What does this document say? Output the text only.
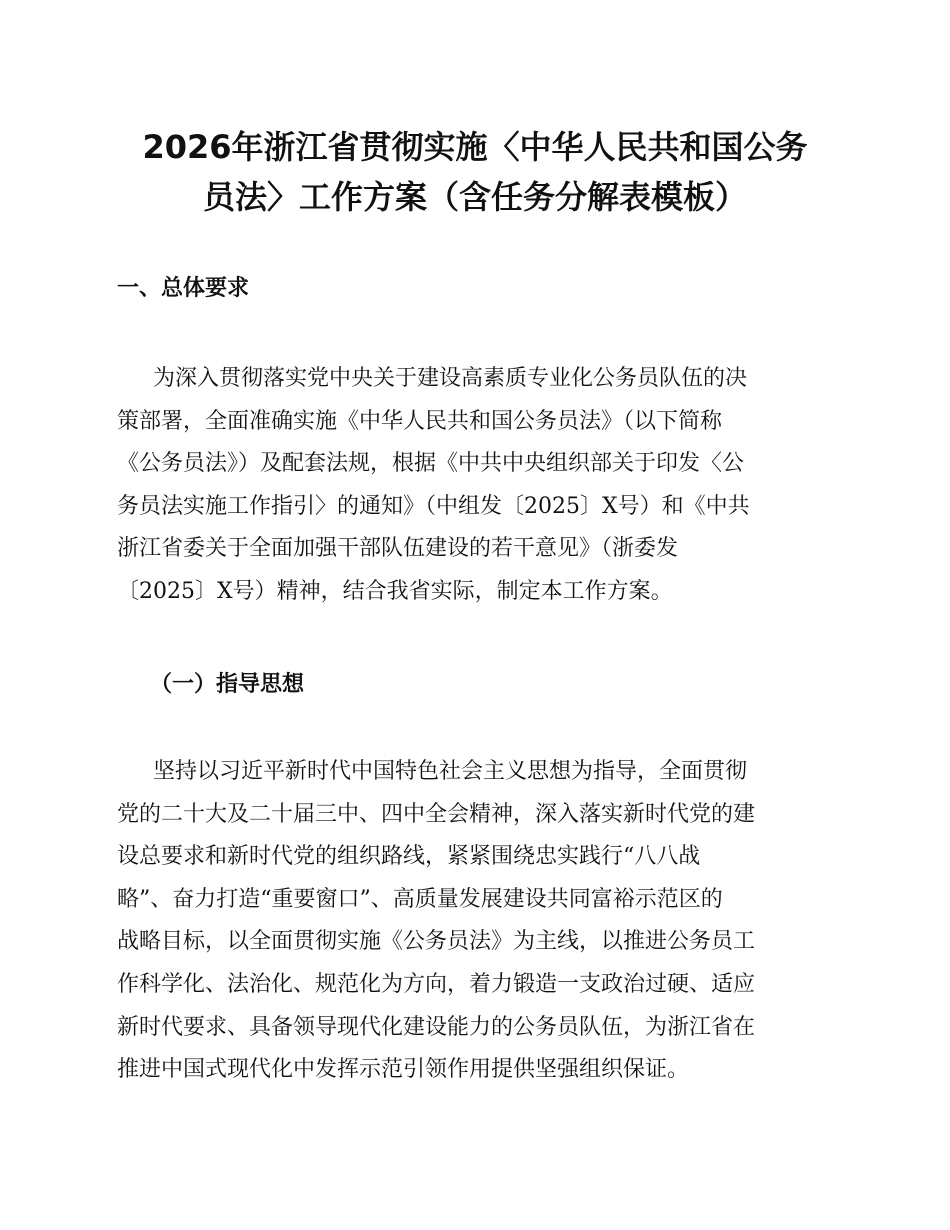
2026年浙江省贯彻实施〈中华人民共和国公务
员法〉工作方案（含任务分解表模板）
一、总体要求
为深入贯彻落实党中央关于建设高素质专业化公务员队伍的决
策部署，全面准确实施《中华人民共和国公务员法》（以下简称
《公务员法》）及配套法规，根据《中共中央组织部关于印发〈公
务员法实施工作指引〉的通知》（中组发〔2025〕X号）和《中共
浙江省委关于全面加强干部队伍建设的若干意见》（浙委发
〔2025〕X号）精神，结合我省实际，制定本工作方案。
（一）指导思想
坚持以习近平新时代中国特色社会主义思想为指导，全面贯彻
党的二十大及二十届三中、四中全会精神，深入落实新时代党的建
设总要求和新时代党的组织路线，紧紧围绕忠实践行“八八战
略”、奋力打造“重要窗口”、高质量发展建设共同富裕示范区的
战略目标，以全面贯彻实施《公务员法》为主线，以推进公务员工
作科学化、法治化、规范化为方向，着力锻造一支政治过硬、适应
新时代要求、具备领导现代化建设能力的公务员队伍，为浙江省在
推进中国式现代化中发挥示范引领作用提供坚强组织保证。
